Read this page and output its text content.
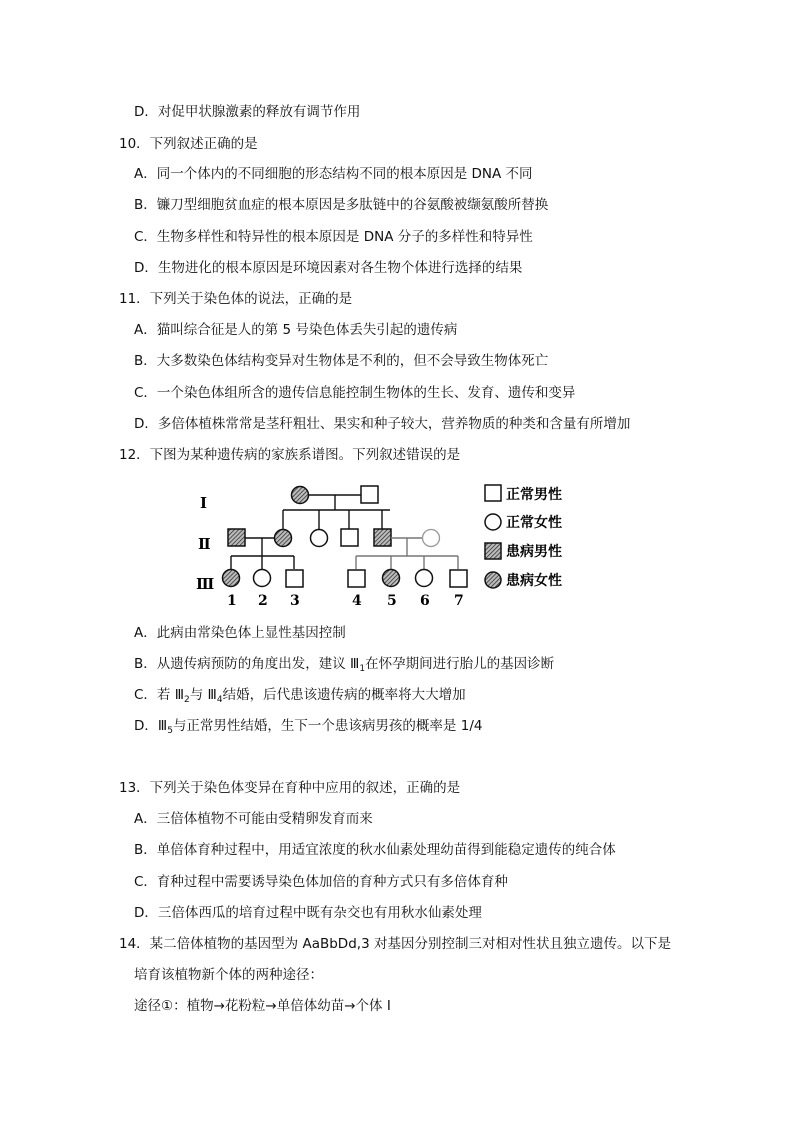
D．对促甲状腺激素的释放有调节作用
10．下列叙述正确的是
A．同一个体内的不同细胞的形态结构不同的根本原因是 DNA 不同
B．镰刀型细胞贫血症的根本原因是多肽链中的谷氨酸被缬氨酸所替换
C．生物多样性和特异性的根本原因是 DNA 分子的多样性和特异性
D．生物进化的根本原因是环境因素对各生物个体进行选择的结果
11．下列关于染色体的说法，正确的是
A．猫叫综合征是人的第 5 号染色体丢失引起的遗传病
B．大多数染色体结构变异对生物体是不利的，但不会导致生物体死亡
C．一个染色体组所含的遗传信息能控制生物体的生长、发育、遗传和变异
D．多倍体植株常常是茎秆粗壮、果实和种子较大，营养物质的种类和含量有所增加
12．下图为某种遗传病的家族系谱图。下列叙述错误的是
Ⅰ
Ⅱ
Ⅲ
1 2 3	4 5 6 7
正常男性
正常女性
患病男性
患病女性
A．此病由常染色体上显性基因控制
B．从遗传病预防的角度出发，建议 $Ⅲ_1$在怀孕期间进行胎儿的基因诊断
C．若 $Ⅲ_2$与 $Ⅲ_4$结婚，后代患该遗传病的概率将大大增加
D．$Ⅲ_5$与正常男性结婚，生下一个患该病男孩的概率是 1/4
13．下列关于染色体变异在育种中应用的叙述，正确的是
A．三倍体植物不可能由受精卵发育而来
B．单倍体育种过程中，用适宜浓度的秋水仙素处理幼苗得到能稳定遗传的纯合体
C．育种过程中需要诱导染色体加倍的育种方式只有多倍体育种
D．三倍体西瓜的培育过程中既有杂交也有用秋水仙素处理
14．某二倍体植物的基因型为 AaBbDd,3 对基因分别控制三对相对性状且独立遗传。以下是
培育该植物新个体的两种途径：
途径①：植物→花粉粒→单倍体幼苗→个体 I
